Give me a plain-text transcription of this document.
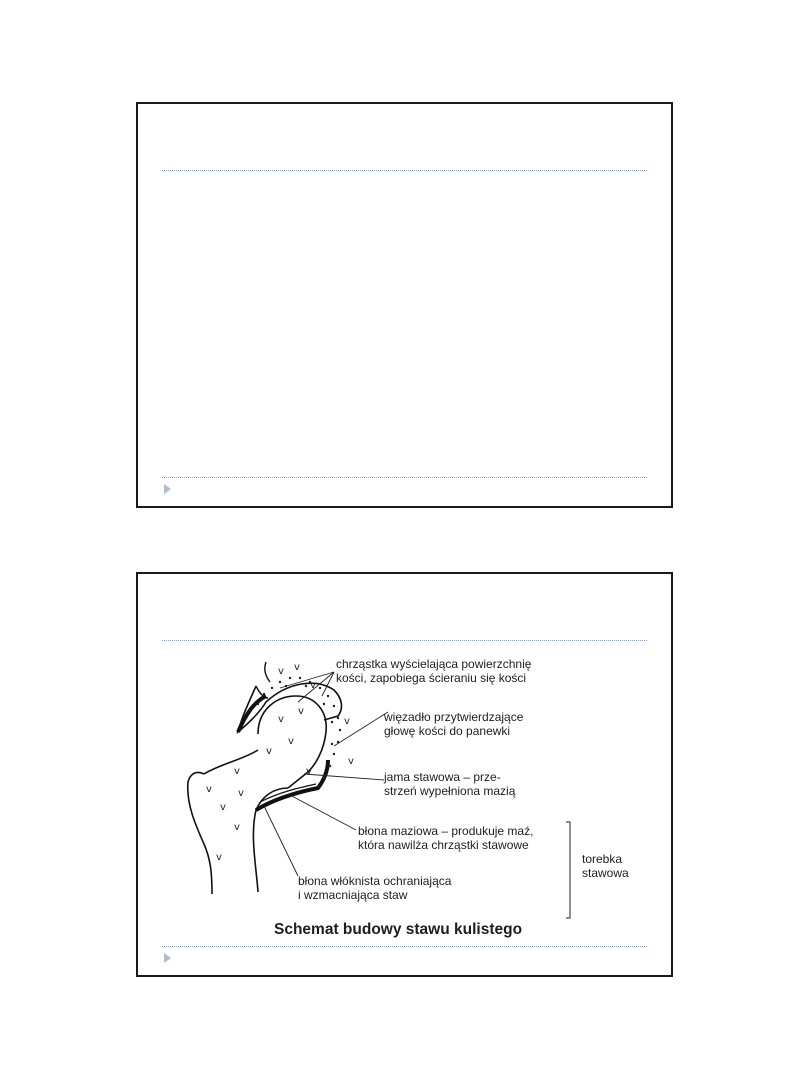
v v
v
v
v
v
v
v
v
v
v
v
v
v
v
v
chrząstka wyścielająca powierzchnię
kości, zapobiega ścieraniu się kości
więzadło przytwierdzające
głowę kości do panewki
jama stawowa – prze-
strzeń wypełniona mazią
błona maziowa – produkuje maź,
która nawilża chrząstki stawowe
błona włóknista ochraniająca
i wzmacniająca staw
torebka
stawowa
Schemat budowy stawu kulistego
